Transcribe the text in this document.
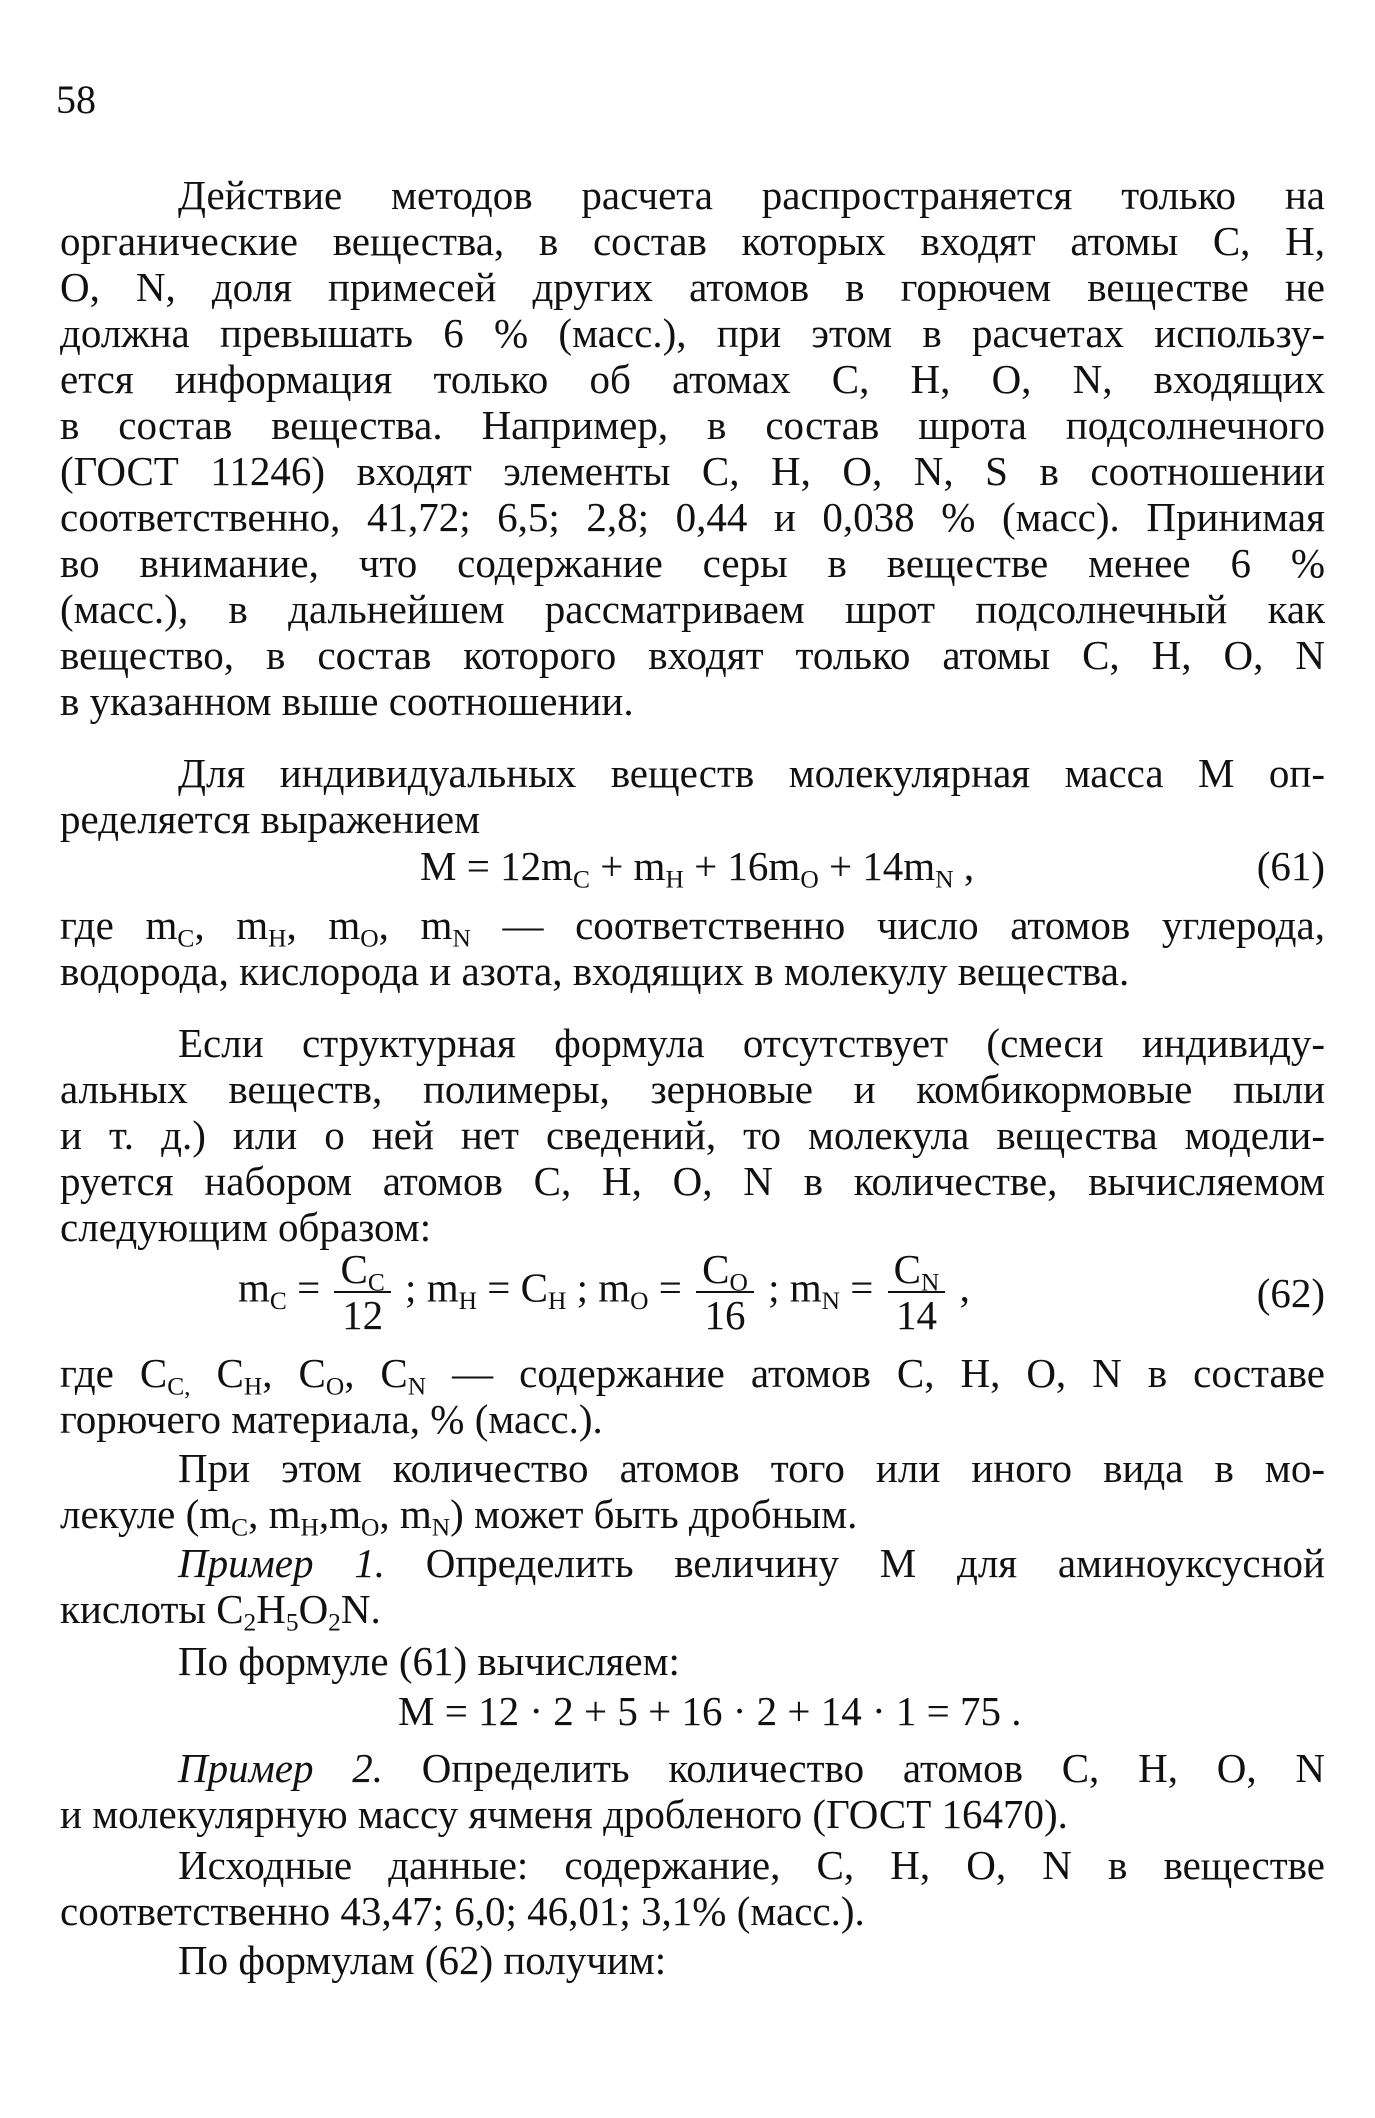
58
Действие методов расчета распространяется только на
органические вещества, в состав которых входят атомы С, Н,
О, N, доля примесей других атомов в горючем веществе не
должна превышать 6 % (масс.), при этом в расчетах использу-
ется информация только об атомах С, Н, О, N, входящих
в состав вещества. Например, в состав шрота подсолнечного
(ГОСТ 11246) входят элементы С, Н, О, N, S в соотношении
соответственно, 41,72; 6,5; 2,8; 0,44 и 0,038 % (масс). Принимая
во внимание, что содержание серы в веществе менее 6 %
(масс.), в дальнейшем рассматриваем шрот подсолнечный как
вещество, в состав которого входят только атомы С, Н, О, N
в указанном выше соотношении.
Для индивидуальных веществ молекулярная масса М оп-
ределяется выражением
$M = 12m_C + m_H + 16m_O + 14m_N$ ,	(61)
где $m_C$, $m_H$, $m_O$, $m_N$ — соответственно число атомов углерода,
водорода, кислорода и азота, входящих в молекулу вещества.
Если структурная формула отсутствует (смеси индивиду-
альных веществ, полимеры, зерновые и комбикормовые пыли
и т. д.) или о ней нет сведений, то молекула вещества модели-
руется набором атомов С, Н, О, N в количестве, вычисляемом
следующим образом:
$m_C = \frac{C_C}{12}$ ; $m_H = C_H$ ; $m_O = \frac{C_O}{16}$ ; $m_N = \frac{C_N}{14}$ ,	(62)
где $C_{C,}$ $C_H$, $C_O$, $C_N$ — содержание атомов С, Н, О, N в составе
горючего материала, % (масс.).
При этом количество атомов того или иного вида в мо-
лекуле ($m_C$, $m_H,m_O$, $m_N$) может быть дробным.
Пример 1. Определить величину М для аминоуксусной
кислоты $C_2H_5O_2N$.
По формуле (61) вычисляем:
M = 12 · 2 + 5 + 16 · 2 + 14 · 1 = 75 .
Пример 2. Определить количество атомов С, Н, О, N
и молекулярную массу ячменя дробленого (ГОСТ 16470).
Исходные данные: содержание, С, Н, О, N в веществе
соответственно 43,47; 6,0; 46,01; 3,1% (масс.).
По формулам (62) получим:
